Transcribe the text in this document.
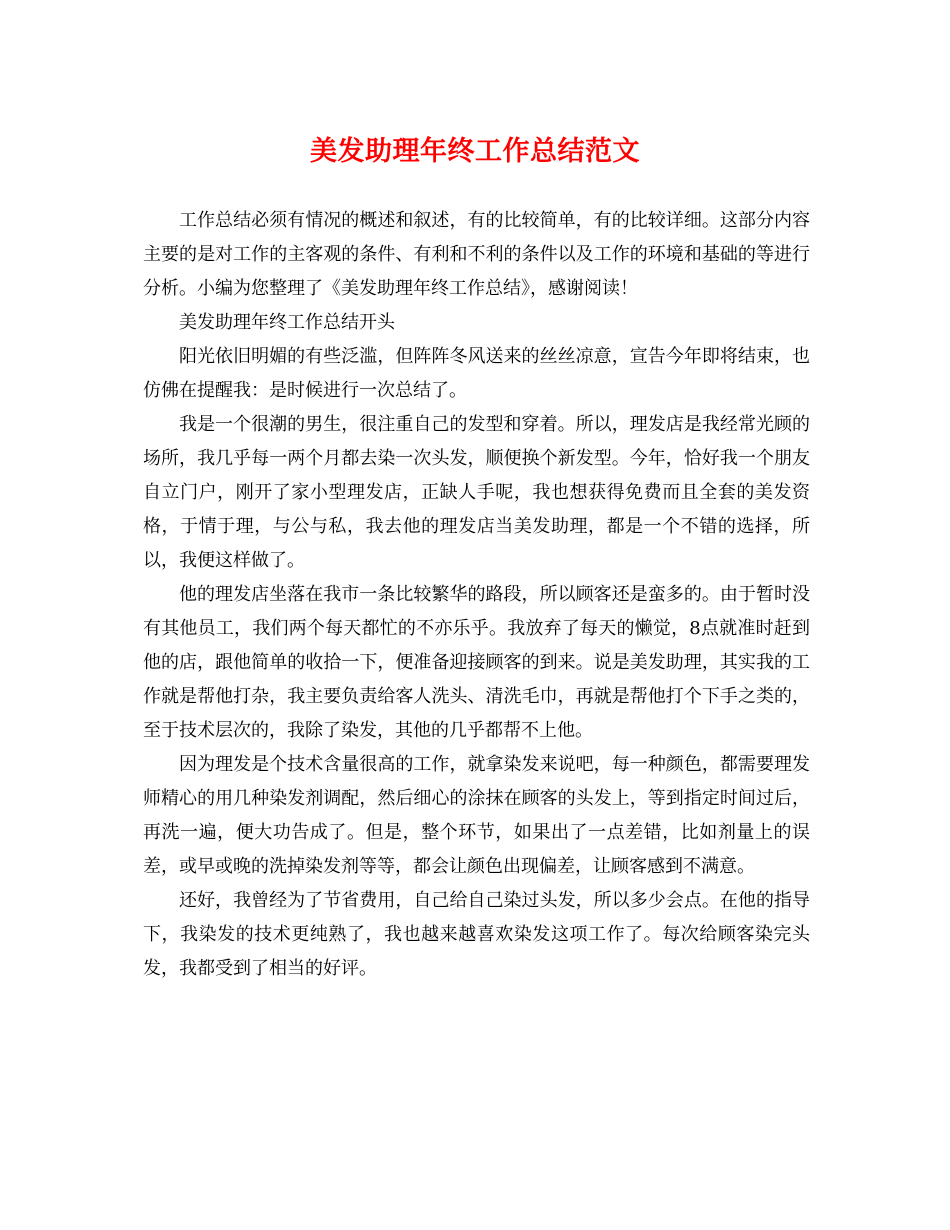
美发助理年终工作总结范文

工作总结必须有情况的概述和叙述，有的比较简单，有的比较详细。这部分内容主要的是对工作的主客观的条件、有利和不利的条件以及工作的环境和基础的等进行分析。小编为您整理了《美发助理年终工作总结》，感谢阅读！

美发助理年终工作总结开头

阳光依旧明媚的有些泛滥，但阵阵冬风送来的丝丝凉意，宣告今年即将结束，也仿佛在提醒我：是时候进行一次总结了。

我是一个很潮的男生，很注重自己的发型和穿着。所以，理发店是我经常光顾的场所，我几乎每一两个月都去染一次头发，顺便换个新发型。今年，恰好我一个朋友自立门户，刚开了家小型理发店，正缺人手呢，我也想获得免费而且全套的美发资格，于情于理，与公与私，我去他的理发店当美发助理，都是一个不错的选择，所以，我便这样做了。

他的理发店坐落在我市一条比较繁华的路段，所以顾客还是蛮多的。由于暂时没有其他员工，我们两个每天都忙的不亦乐乎。我放弃了每天的懒觉，8点就准时赶到他的店，跟他简单的收拾一下，便准备迎接顾客的到来。说是美发助理，其实我的工作就是帮他打杂，我主要负责给客人洗头、清洗毛巾，再就是帮他打个下手之类的，至于技术层次的，我除了染发，其他的几乎都帮不上他。

因为理发是个技术含量很高的工作，就拿染发来说吧，每一种颜色，都需要理发师精心的用几种染发剂调配，然后细心的涂抹在顾客的头发上，等到指定时间过后，再洗一遍，便大功告成了。但是，整个环节，如果出了一点差错，比如剂量上的误差，或早或晚的洗掉染发剂等等，都会让颜色出现偏差，让顾客感到不满意。

还好，我曾经为了节省费用，自己给自己染过头发，所以多少会点。在他的指导下，我染发的技术更纯熟了，我也越来越喜欢染发这项工作了。每次给顾客染完头发，我都受到了相当的好评。
